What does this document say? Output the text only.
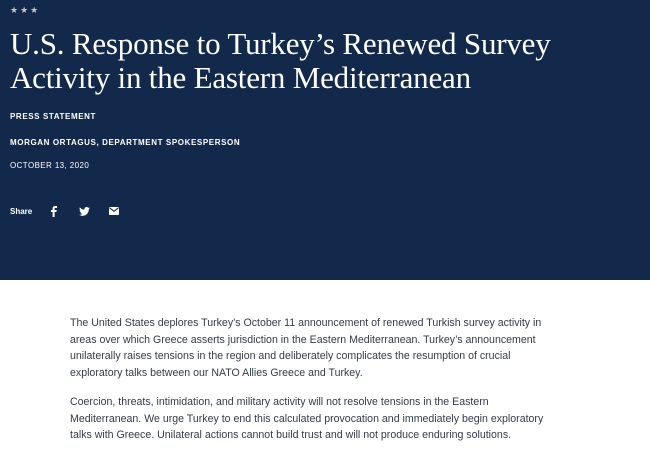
★★★
U.S. Response to Turkey’s Renewed Survey Activity in the Eastern Mediterranean
PRESS STATEMENT
MORGAN ORTAGUS, DEPARTMENT SPOKESPERSON
OCTOBER 13, 2020
Share

The United States deplores Turkey’s October 11 announcement of renewed Turkish survey activity in areas over which Greece asserts jurisdiction in the Eastern Mediterranean. Turkey’s announcement unilaterally raises tensions in the region and deliberately complicates the resumption of crucial exploratory talks between our NATO Allies Greece and Turkey.

Coercion, threats, intimidation, and military activity will not resolve tensions in the Eastern Mediterranean. We urge Turkey to end this calculated provocation and immediately begin exploratory talks with Greece. Unilateral actions cannot build trust and will not produce enduring solutions.
